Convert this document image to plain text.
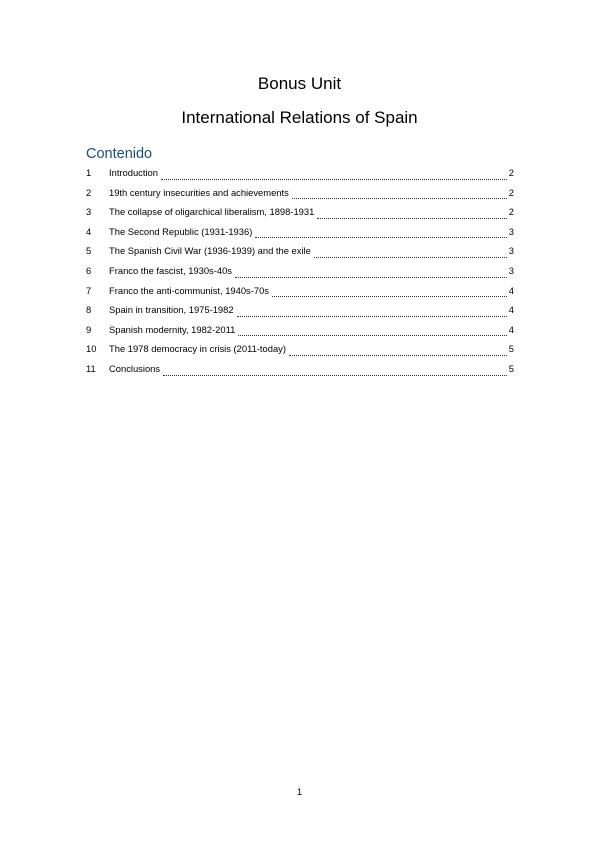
Bonus Unit
International Relations of Spain
Contenido
1	Introduction	2
2	19th century insecurities and achievements	2
3	The collapse of oligarchical liberalism, 1898-1931	2
4	The Second Republic (1931-1936)	3
5	The Spanish Civil War (1936-1939) and the exile	3
6	Franco the fascist, 1930s-40s	3
7	Franco the anti-communist, 1940s-70s	4
8	Spain in transition, 1975-1982	4
9	Spanish modernity, 1982-2011	4
10	The 1978 democracy in crisis (2011-today)	5
11	Conclusions	5
1
